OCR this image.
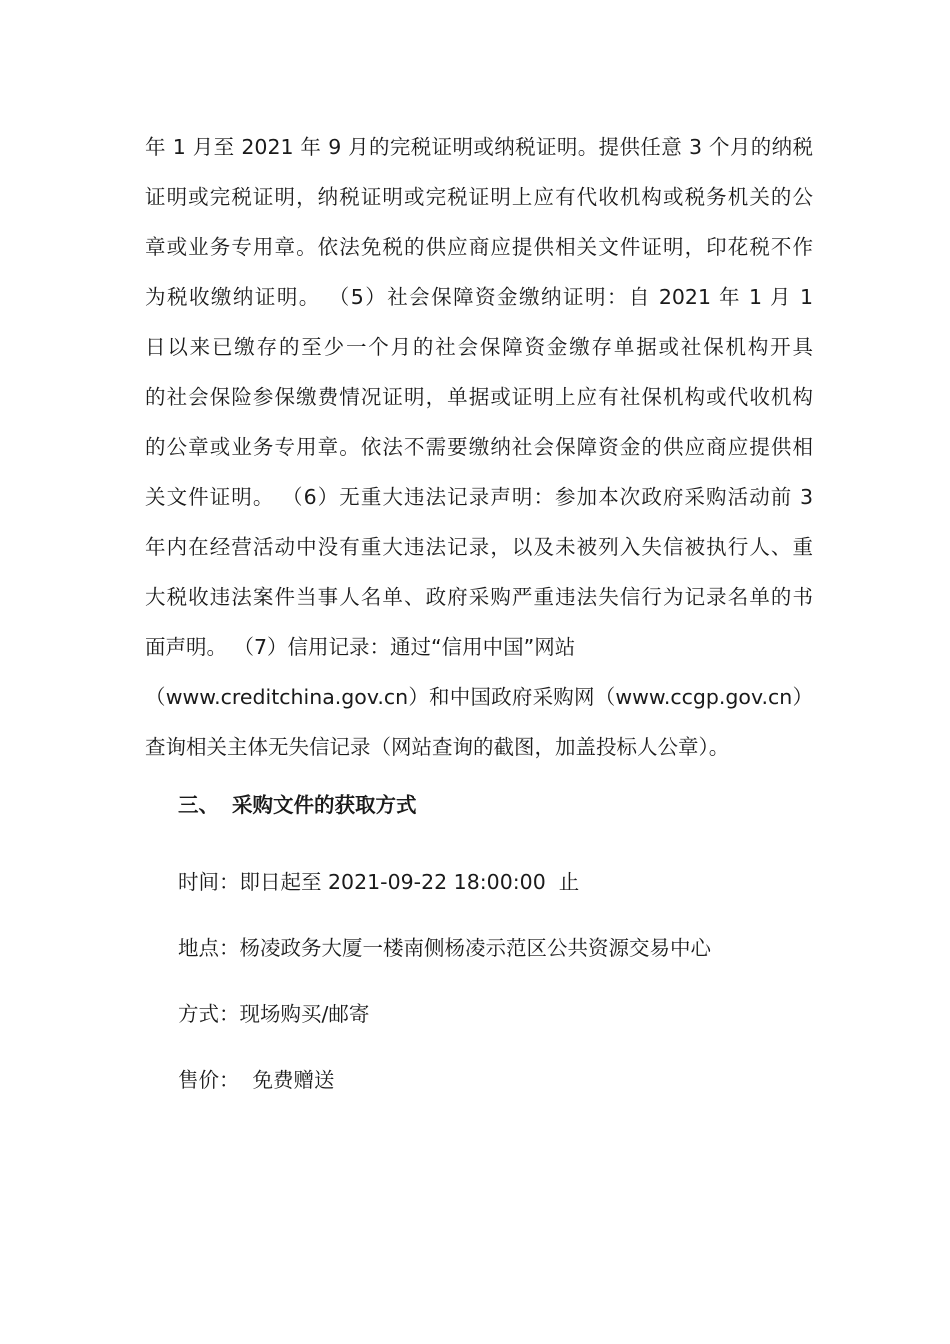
年 1 月至 2021 年 9 月的完税证明或纳税证明。提供任意 3 个月的纳税
证明或完税证明，纳税证明或完税证明上应有代收机构或税务机关的公
章或业务专用章。依法免税的供应商应提供相关文件证明，印花税不作
为税收缴纳证明。 （5）社会保障资金缴纳证明：自 2021 年 1 月 1
日以来已缴存的至少一个月的社会保障资金缴存单据或社保机构开具
的社会保险参保缴费情况证明，单据或证明上应有社保机构或代收机构
的公章或业务专用章。依法不需要缴纳社会保障资金的供应商应提供相
关文件证明。 （6）无重大违法记录声明：参加本次政府采购活动前 3
年内在经营活动中没有重大违法记录，以及未被列入失信被执行人、重
大税收违法案件当事人名单、政府采购严重违法失信行为记录名单的书
面声明。 （7）信用记录：通过“信用中国”网站
（www.creditchina.gov.cn）和中国政府采购网（www.ccgp.gov.cn）
查询相关主体无失信记录（网站查询的截图，加盖投标人公章）。
三、 采购文件的获取方式
时间：即日起至 2021-09-22 18:00:00  止
地点：杨凌政务大厦一楼南侧杨凌示范区公共资源交易中心
方式：现场购买/邮寄
售价：  免费赠送
